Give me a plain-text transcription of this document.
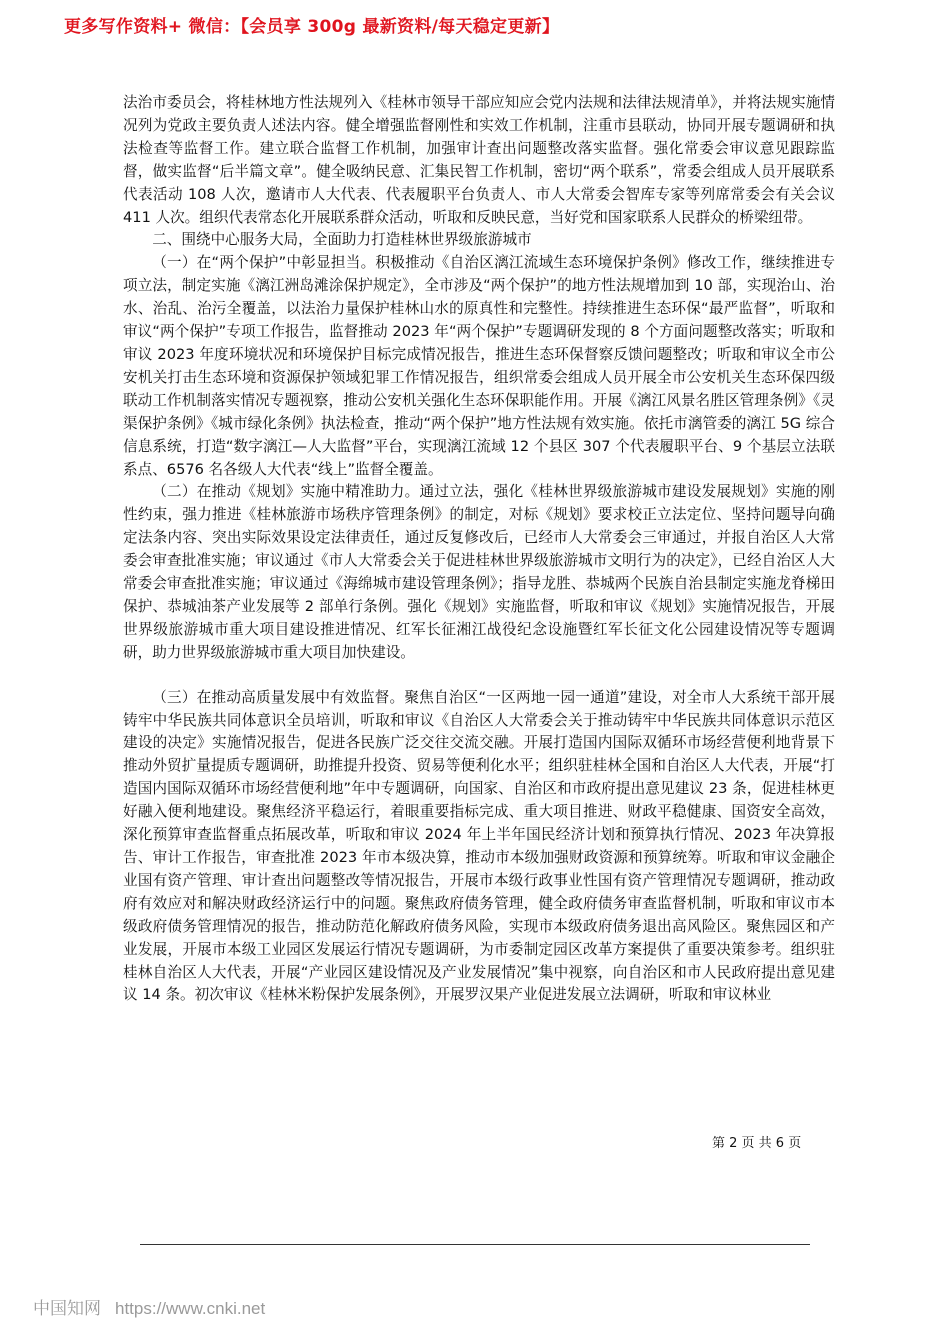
更多写作资料+ 微信：【会员享 300g 最新资料/每天稳定更新】

法治市委员会，将桂林地方性法规列入《桂林市领导干部应知应会党内法规和法律法规清单》，并将法规实施情况列为党政主要负责人述法内容。健全增强监督刚性和实效工作机制，注重市县联动，协同开展专题调研和执法检查等监督工作。建立联合监督工作机制，加强审计查出问题整改落实监督。强化常委会审议意见跟踪监督，做实监督“后半篇文章”。健全吸纳民意、汇集民智工作机制，密切“两个联系”，常委会组成人员开展联系代表活动 108 人次，邀请市人大代表、代表履职平台负责人、市人大常委会智库专家等列席常委会有关会议 411 人次。组织代表常态化开展联系群众活动，听取和反映民意，当好党和国家联系人民群众的桥梁纽带。

二、围绕中心服务大局，全面助力打造桂林世界级旅游城市

（一）在“两个保护”中彰显担当。积极推动《自治区漓江流域生态环境保护条例》修改工作，继续推进专项立法，制定实施《漓江洲岛滩涂保护规定》，全市涉及“两个保护”的地方性法规增加到 10 部，实现治山、治水、治乱、治污全覆盖，以法治力量保护桂林山水的原真性和完整性。持续推进生态环保“最严监督”，听取和审议“两个保护”专项工作报告，监督推动 2023 年“两个保护”专题调研发现的 8 个方面问题整改落实；听取和审议 2023 年度环境状况和环境保护目标完成情况报告，推进生态环保督察反馈问题整改；听取和审议全市公安机关打击生态环境和资源保护领域犯罪工作情况报告，组织常委会组成人员开展全市公安机关生态环保四级联动工作机制落实情况专题视察，推动公安机关强化生态环保职能作用。开展《漓江风景名胜区管理条例》《灵渠保护条例》《城市绿化条例》执法检查，推动“两个保护”地方性法规有效实施。依托市漓管委的漓江 5G 综合信息系统，打造“数字漓江—人大监督”平台，实现漓江流域 12 个县区 307 个代表履职平台、9 个基层立法联系点、6576 名各级人大代表“线上”监督全覆盖。

（二）在推动《规划》实施中精准助力。通过立法，强化《桂林世界级旅游城市建设发展规划》实施的刚性约束，强力推进《桂林旅游市场秩序管理条例》的制定，对标《规划》要求校正立法定位、坚持问题导向确定法条内容、突出实际效果设定法律责任，通过反复修改后，已经市人大常委会三审通过，并报自治区人大常委会审查批准实施；审议通过《市人大常委会关于促进桂林世界级旅游城市文明行为的决定》，已经自治区人大常委会审查批准实施；审议通过《海绵城市建设管理条例》；指导龙胜、恭城两个民族自治县制定实施龙脊梯田保护、恭城油茶产业发展等 2 部单行条例。强化《规划》实施监督，听取和审议《规划》实施情况报告，开展世界级旅游城市重大项目建设推进情况、红军长征湘江战役纪念设施暨红军长征文化公园建设情况等专题调研，助力世界级旅游城市重大项目加快建设。

（三）在推动高质量发展中有效监督。聚焦自治区“一区两地一园一通道”建设，对全市人大系统干部开展铸牢中华民族共同体意识全员培训，听取和审议《自治区人大常委会关于推动铸牢中华民族共同体意识示范区建设的决定》实施情况报告，促进各民族广泛交往交流交融。开展打造国内国际双循环市场经营便利地背景下推动外贸扩量提质专题调研，助推提升投资、贸易等便利化水平；组织驻桂林全国和自治区人大代表，开展“打造国内国际双循环市场经营便利地”年中专题调研，向国家、自治区和市政府提出意见建议 23 条，促进桂林更好融入便利地建设。聚焦经济平稳运行，着眼重要指标完成、重大项目推进、财政平稳健康、国资安全高效，深化预算审查监督重点拓展改革，听取和审议 2024 年上半年国民经济计划和预算执行情况、2023 年决算报告、审计工作报告，审查批准 2023 年市本级决算，推动市本级加强财政资源和预算统筹。听取和审议金融企业国有资产管理、审计查出问题整改等情况报告，开展市本级行政事业性国有资产管理情况专题调研，推动政府有效应对和解决财政经济运行中的问题。聚焦政府债务管理，健全政府债务审查监督机制，听取和审议市本级政府债务管理情况的报告，推动防范化解政府债务风险，实现市本级政府债务退出高风险区。聚焦园区和产业发展，开展市本级工业园区发展运行情况专题调研，为市委制定园区改革方案提供了重要决策参考。组织驻桂林自治区人大代表，开展“产业园区建设情况及产业发展情况”集中视察，向自治区和市人民政府提出意见建议 14 条。初次审议《桂林米粉保护发展条例》，开展罗汉果产业促进发展立法调研，听取和审议林业

第 2 页 共 6 页
中国知网 https://www.cnki.net
